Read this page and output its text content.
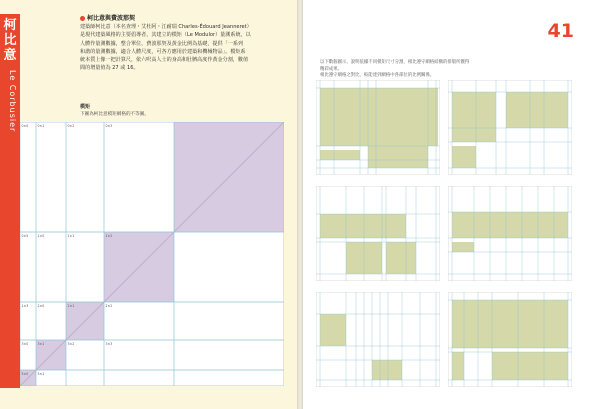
柯比意
Le Corbusier
柯比意與費波那契
建築師柯比意（本名查理・艾杜阿・江耐瑞 Charles-Édouard Jeanneret）
是現代建築風格的主要倡導者，其建立的模矩（Le Modulor）量測系統，以
人體作量測數據，整合單位、費波那契及黃金比例為基礎，提供「一系列
和諧的量測數據，適合人體尺度，可各方應用於建築和機械物品」。模矩系
統本質上像一把計算尺，依六呎高人士的身高和肚臍高度作黃金分割，數值
間的增量值為 27 或 16。
模矩
下圖為柯比意模矩網格的不等圖。
0×0	0×1	0×2	0×3
0×5	1×0	1×1	1×2
1×3	2×0	2×1	2×2
3×0	3×1	3×2	3×3
5×0	5×1
41
以下數個圖示，說明依據不同模矩尺寸分割，相比遵守網格結構的排版所獲得精彩成果。
相比遵守網格之對比，較能達到網格中各部位的比例關係。
